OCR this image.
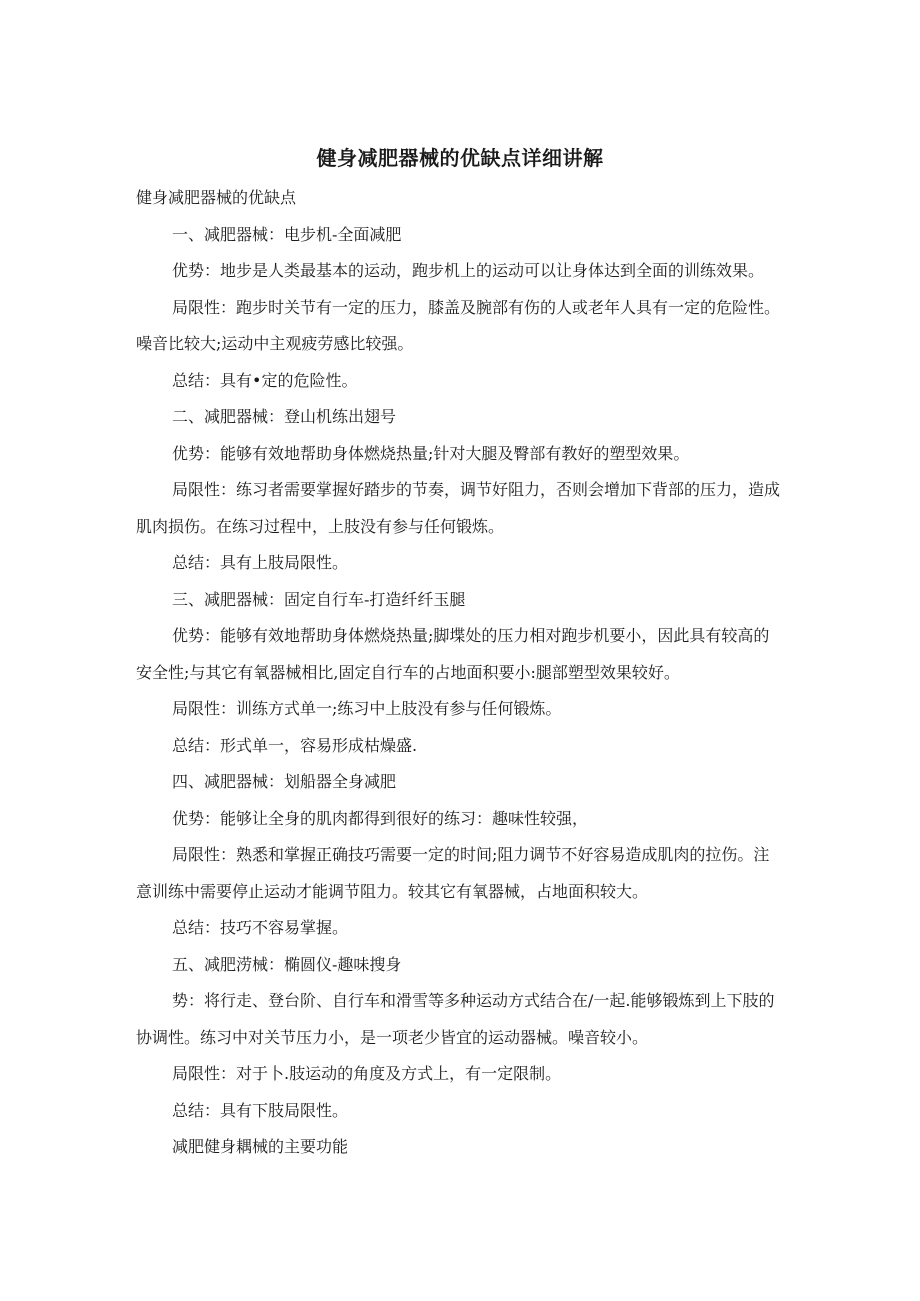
健身减肥器械的优缺点详细讲解

健身减肥器械的优缺点

一、减肥器械：电步机-全面减肥

优势：地步是人类最基本的运动，跑步机上的运动可以让身体达到全面的训练效果。

局限性：跑步时关节有一定的压力，膝盖及腕部有伤的人或老年人具有一定的危险性。噪音比较大;运动中主观疲劳感比较强。

总结：具有•定的危险性。

二、减肥器械：登山机练出翅号

优势：能够有效地帮助身体燃烧热量;针对大腿及臀部有教好的塑型效果。

局限性：练习者需要掌握好踏步的节奏，调节好阻力，否则会增加下背部的压力，造成肌肉损伤。在练习过程中，上肢没有参与任何锻炼。

总结：具有上肢局限性。

三、减肥器械：固定自行车-打造纤纤玉腿

优势：能够有效地帮助身体燃烧热量;脚堞处的压力相对跑步机要小，因此具有较高的安全性;与其它有氧器械相比,固定自行车的占地面积要小:腿部塑型效果较好。

局限性：训练方式单一;练习中上肢没有参与任何锻炼。

总结：形式单一，容易形成枯燥盛.

四、减肥器械：划船器全身减肥

优势：能够让全身的肌肉都得到很好的练习：趣味性较强，

局限性：熟悉和掌握正确技巧需要一定的时间;阻力调节不好容易造成肌肉的拉伤。注意训练中需要停止运动才能调节阻力。较其它有氧器械，占地面积较大。

总结：技巧不容易掌握。

五、减肥涝械：椭圆仪-趣味搜身

势：将行走、登台阶、自行车和滑雪等多种运动方式结合在/一起.能够锻炼到上下肢的协调性。练习中对关节压力小，是一项老少皆宜的运动器械。噪音较小。

局限性：对于卜.肢运动的角度及方式上，有一定限制。

总结：具有下肢局限性。

减肥健身耦械的主要功能
